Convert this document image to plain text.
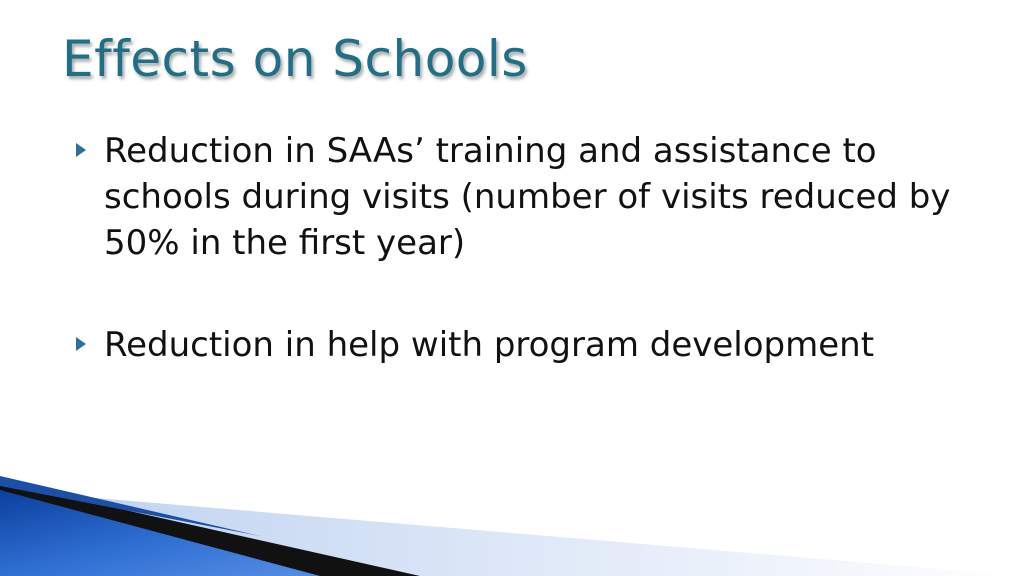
Effects on Schools
Reduction in SAAs’ training and assistance to schools during visits (number of visits reduced by 50% in the first year)
Reduction in help with program development
